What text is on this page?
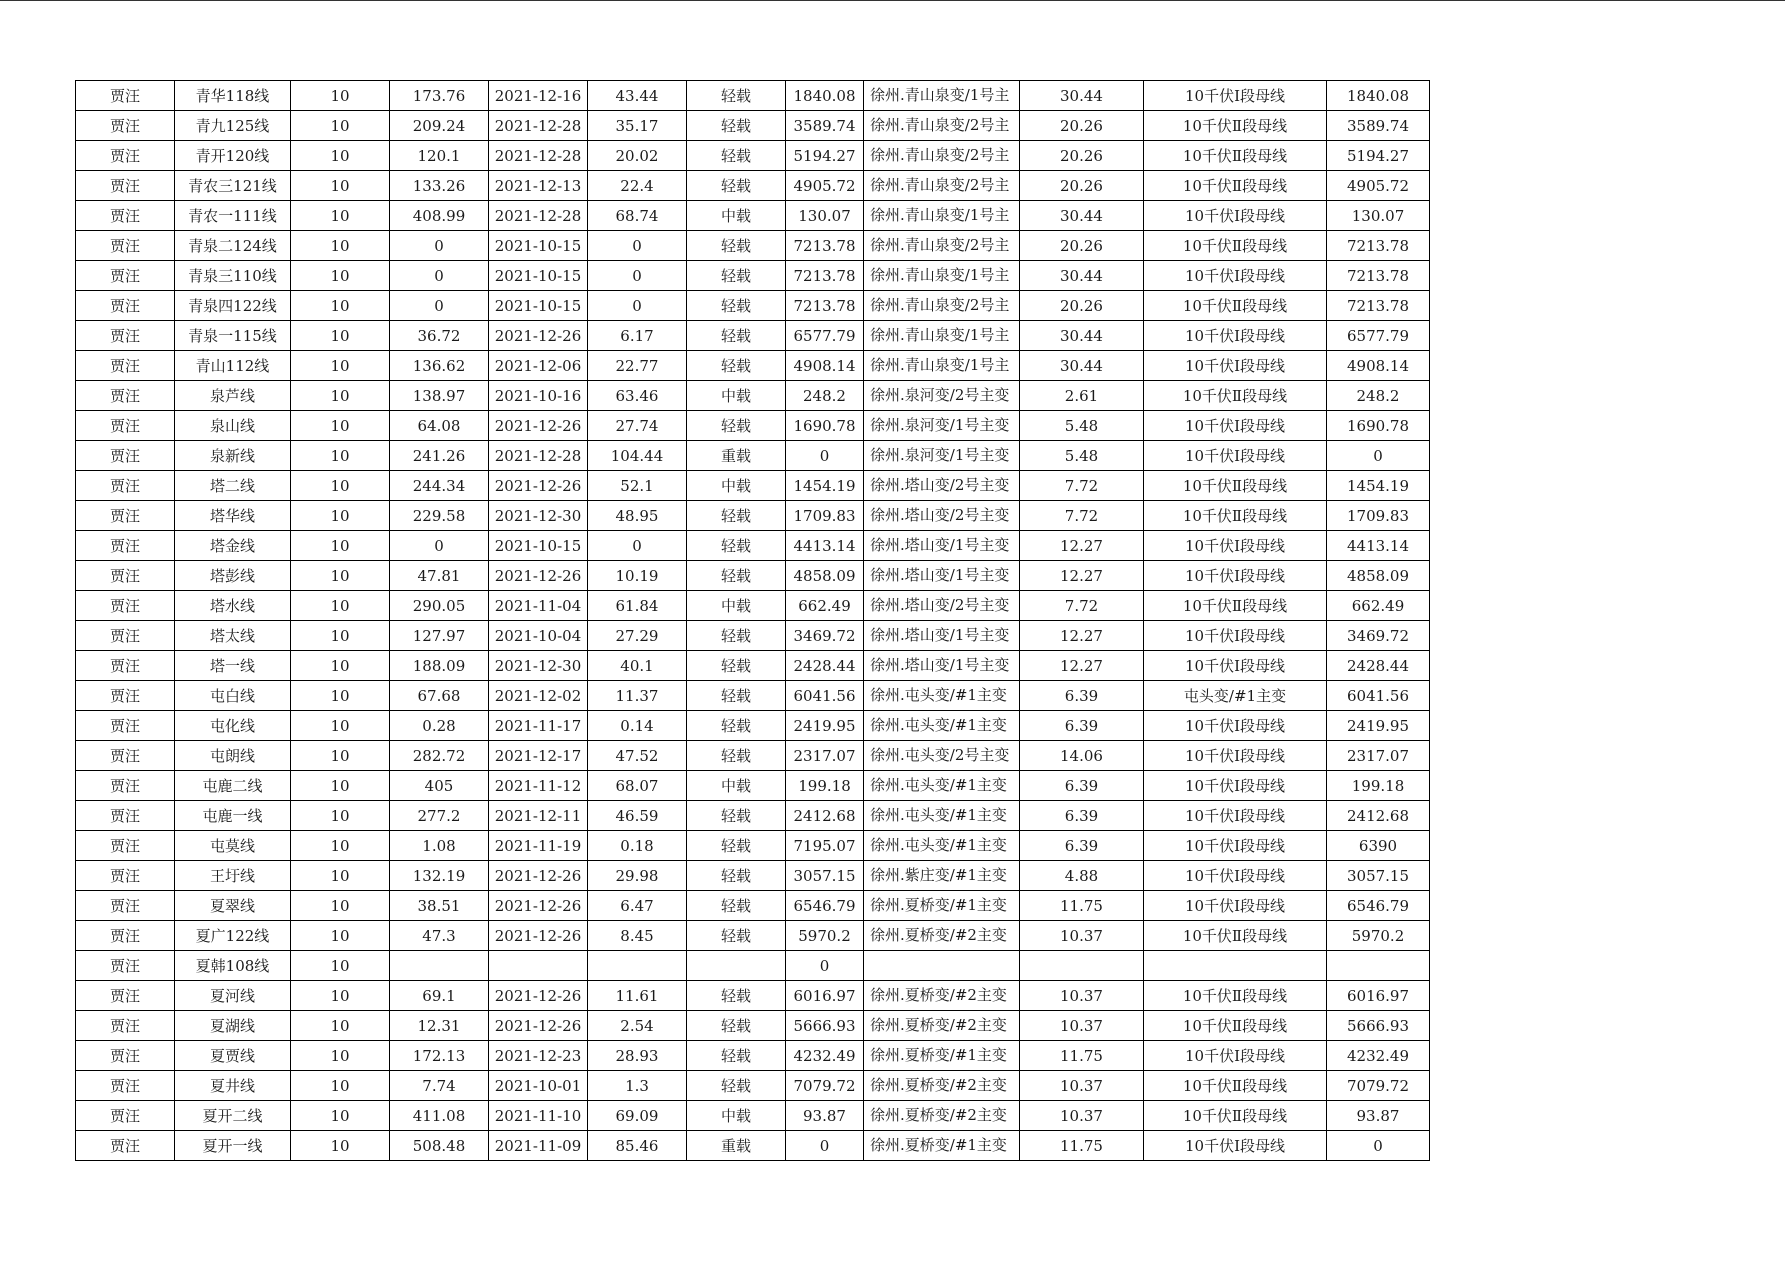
贾汪	青华118线	10	173.76	2021-12-16	43.44	轻载	1840.08	徐州.青山泉变/1号主	30.44	10千伏Ⅰ段母线	1840.08
贾汪	青九125线	10	209.24	2021-12-28	35.17	轻载	3589.74	徐州.青山泉变/2号主	20.26	10千伏Ⅱ段母线	3589.74
贾汪	青开120线	10	120.1	2021-12-28	20.02	轻载	5194.27	徐州.青山泉变/2号主	20.26	10千伏Ⅱ段母线	5194.27
贾汪	青农三121线	10	133.26	2021-12-13	22.4	轻载	4905.72	徐州.青山泉变/2号主	20.26	10千伏Ⅱ段母线	4905.72
贾汪	青农一111线	10	408.99	2021-12-28	68.74	中载	130.07	徐州.青山泉变/1号主	30.44	10千伏Ⅰ段母线	130.07
贾汪	青泉二124线	10	0	2021-10-15	0	轻载	7213.78	徐州.青山泉变/2号主	20.26	10千伏Ⅱ段母线	7213.78
贾汪	青泉三110线	10	0	2021-10-15	0	轻载	7213.78	徐州.青山泉变/1号主	30.44	10千伏Ⅰ段母线	7213.78
贾汪	青泉四122线	10	0	2021-10-15	0	轻载	7213.78	徐州.青山泉变/2号主	20.26	10千伏Ⅱ段母线	7213.78
贾汪	青泉一115线	10	36.72	2021-12-26	6.17	轻载	6577.79	徐州.青山泉变/1号主	30.44	10千伏Ⅰ段母线	6577.79
贾汪	青山112线	10	136.62	2021-12-06	22.77	轻载	4908.14	徐州.青山泉变/1号主	30.44	10千伏Ⅰ段母线	4908.14
贾汪	泉芦线	10	138.97	2021-10-16	63.46	中载	248.2	徐州.泉河变/2号主变	2.61	10千伏Ⅱ段母线	248.2
贾汪	泉山线	10	64.08	2021-12-26	27.74	轻载	1690.78	徐州.泉河变/1号主变	5.48	10千伏Ⅰ段母线	1690.78
贾汪	泉新线	10	241.26	2021-12-28	104.44	重载	0	徐州.泉河变/1号主变	5.48	10千伏Ⅰ段母线	0
贾汪	塔二线	10	244.34	2021-12-26	52.1	中载	1454.19	徐州.塔山变/2号主变	7.72	10千伏Ⅱ段母线	1454.19
贾汪	塔华线	10	229.58	2021-12-30	48.95	轻载	1709.83	徐州.塔山变/2号主变	7.72	10千伏Ⅱ段母线	1709.83
贾汪	塔金线	10	0	2021-10-15	0	轻载	4413.14	徐州.塔山变/1号主变	12.27	10千伏Ⅰ段母线	4413.14
贾汪	塔彭线	10	47.81	2021-12-26	10.19	轻载	4858.09	徐州.塔山变/1号主变	12.27	10千伏Ⅰ段母线	4858.09
贾汪	塔水线	10	290.05	2021-11-04	61.84	中载	662.49	徐州.塔山变/2号主变	7.72	10千伏Ⅱ段母线	662.49
贾汪	塔太线	10	127.97	2021-10-04	27.29	轻载	3469.72	徐州.塔山变/1号主变	12.27	10千伏Ⅰ段母线	3469.72
贾汪	塔一线	10	188.09	2021-12-30	40.1	轻载	2428.44	徐州.塔山变/1号主变	12.27	10千伏Ⅰ段母线	2428.44
贾汪	屯白线	10	67.68	2021-12-02	11.37	轻载	6041.56	徐州.屯头变/#1主变	6.39	屯头变/#1主变	6041.56
贾汪	屯化线	10	0.28	2021-11-17	0.14	轻载	2419.95	徐州.屯头变/#1主变	6.39	10千伏Ⅰ段母线	2419.95
贾汪	屯朗线	10	282.72	2021-12-17	47.52	轻载	2317.07	徐州.屯头变/2号主变	14.06	10千伏Ⅰ段母线	2317.07
贾汪	屯鹿二线	10	405	2021-11-12	68.07	中载	199.18	徐州.屯头变/#1主变	6.39	10千伏Ⅰ段母线	199.18
贾汪	屯鹿一线	10	277.2	2021-12-11	46.59	轻载	2412.68	徐州.屯头变/#1主变	6.39	10千伏Ⅰ段母线	2412.68
贾汪	屯莫线	10	1.08	2021-11-19	0.18	轻载	7195.07	徐州.屯头变/#1主变	6.39	10千伏Ⅰ段母线	6390
贾汪	王圩线	10	132.19	2021-12-26	29.98	轻载	3057.15	徐州.紫庄变/#1主变	4.88	10千伏Ⅰ段母线	3057.15
贾汪	夏翠线	10	38.51	2021-12-26	6.47	轻载	6546.79	徐州.夏桥变/#1主变	11.75	10千伏Ⅰ段母线	6546.79
贾汪	夏广122线	10	47.3	2021-12-26	8.45	轻载	5970.2	徐州.夏桥变/#2主变	10.37	10千伏Ⅱ段母线	5970.2
贾汪	夏韩108线	10					0	

贾汪	夏河线	10	69.1	2021-12-26	11.61	轻载	6016.97	徐州.夏桥变/#2主变	10.37	10千伏Ⅱ段母线	6016.97
贾汪	夏湖线	10	12.31	2021-12-26	2.54	轻载	5666.93	徐州.夏桥变/#2主变	10.37	10千伏Ⅱ段母线	5666.93
贾汪	夏贾线	10	172.13	2021-12-23	28.93	轻载	4232.49	徐州.夏桥变/#1主变	11.75	10千伏Ⅰ段母线	4232.49
贾汪	夏井线	10	7.74	2021-10-01	1.3	轻载	7079.72	徐州.夏桥变/#2主变	10.37	10千伏Ⅱ段母线	7079.72
贾汪	夏开二线	10	411.08	2021-11-10	69.09	中载	93.87	徐州.夏桥变/#2主变	10.37	10千伏Ⅱ段母线	93.87
贾汪	夏开一线	10	508.48	2021-11-09	85.46	重载	0	徐州.夏桥变/#1主变	11.75	10千伏Ⅰ段母线	0
